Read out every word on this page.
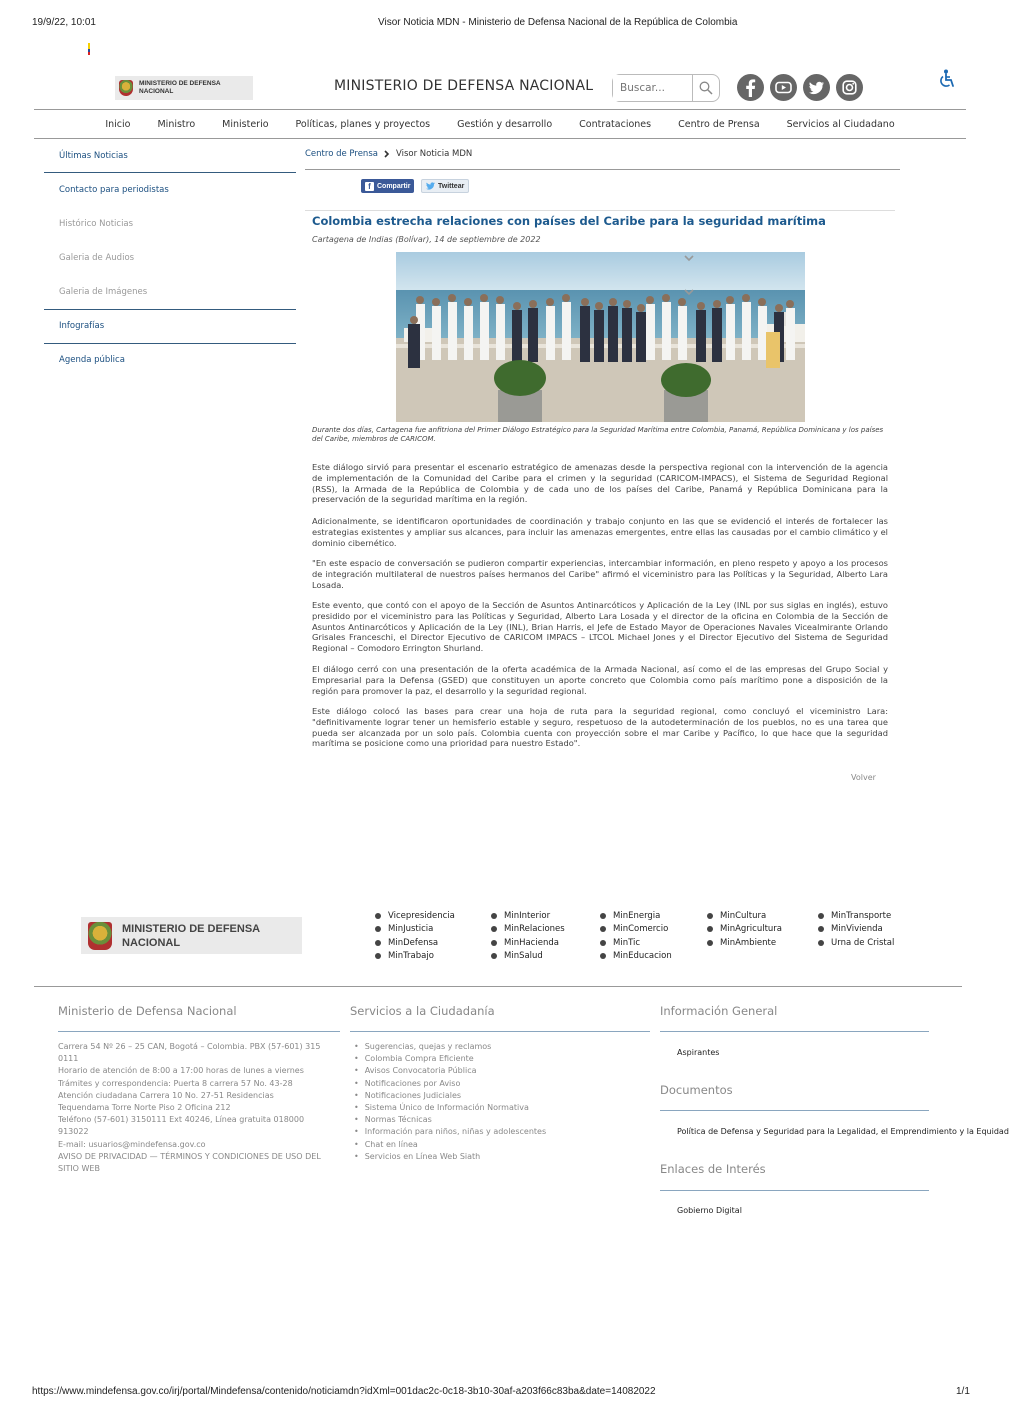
19/9/22, 10:01	Visor Noticia MDN - Ministerio de Defensa Nacional de la República de Colombia
MINISTERIO DE DEFENSA
NACIONAL	MINISTERIO DE DEFENSA NACIONAL
Buscar...
Inicio	Ministro	Ministerio	Políticas, planes y proyectos	Gestión y desarrollo	Contrataciones	Centro de Prensa	Servicios al Ciudadano
Últimas Noticias
Contacto para periodistas
Histórico Noticias
Galeria de Audios
Galeria de Imágenes
Infografías
Agenda pública
Centro de Prensa Visor Noticia MDN
f Compartir	Twittear
Colombia estrecha relaciones con países del Caribe para la seguridad marítima
Cartagena de Indias (Bolívar), 14 de septiembre de 2022
Durante dos días, Cartagena fue anfitriona del Primer Diálogo Estratégico para la Seguridad Marítima entre Colombia, Panamá, República Dominicana y los países del Caribe, miembros de CARICOM.
Este diálogo sirvió para presentar el escenario estratégico de amenazas desde la perspectiva regional con la intervención de la agencia de implementación de la Comunidad del Caribe para el crimen y la seguridad (CARICOM-IMPACS), el Sistema de Seguridad Regional (RSS), la Armada de la República de Colombia y de cada uno de los países del Caribe, Panamá y República Dominicana para la preservación de la seguridad marítima en la región.
Adicionalmente, se identificaron oportunidades de coordinación y trabajo conjunto en las que se evidenció el interés de fortalecer las estrategias existentes y ampliar sus alcances, para incluir las amenazas emergentes, entre ellas las causadas por el cambio climático y el dominio cibernético.
"En este espacio de conversación se pudieron compartir experiencias, intercambiar información, en pleno respeto y apoyo a los procesos de integración multilateral de nuestros países hermanos del Caribe" afirmó el viceministro para las Políticas y la Seguridad, Alberto Lara Losada.
Este evento, que contó con el apoyo de la Sección de Asuntos Antinarcóticos y Aplicación de la Ley (INL por sus siglas en inglés), estuvo presidido por el viceministro para las Políticas y Seguridad, Alberto Lara Losada y el director de la oficina en Colombia de la Sección de Asuntos Antinarcóticos y Aplicación de la Ley (INL), Brian Harris, el Jefe de Estado Mayor de Operaciones Navales Vicealmirante Orlando Grisales Franceschi, el Director Ejecutivo de CARICOM IMPACS – LTCOL Michael Jones y el Director Ejecutivo del Sistema de Seguridad Regional – Comodoro Errington Shurland.
El diálogo cerró con una presentación de la oferta académica de la Armada Nacional, así como el de las empresas del Grupo Social y Empresarial para la Defensa (GSED) que constituyen un aporte concreto que Colombia como país marítimo pone a disposición de la región para promover la paz, el desarrollo y la seguridad regional.
Este diálogo colocó las bases para crear una hoja de ruta para la seguridad regional, como concluyó el viceministro Lara: "definitivamente lograr tener un hemisferio estable y seguro, respetuoso de la autodeterminación de los pueblos, no es una tarea que pueda ser alcanzada por un solo país. Colombia cuenta con proyección sobre el mar Caribe y Pacífico, lo que hace que la seguridad marítima se posicione como una prioridad para nuestro Estado".
Volver
MINISTERIO DE DEFENSA
NACIONAL
Vicepresidencia
MinJusticia
MinDefensa
MinTrabajo
MinInterior
MinRelaciones
MinHacienda
MinSalud
MinEnergia
MinComercio
MinTic
MinEducacion
MinCultura
MinAgricultura
MinAmbiente
MinTransporte
MinVivienda
Urna de Cristal
Ministerio de Defensa Nacional
Carrera 54 Nº 26 – 25 CAN, Bogotá – Colombia. PBX (57-601) 315
0111
Horario de atención de 8:00 a 17:00 horas de lunes a viernes
Trámites y correspondencia: Puerta 8 carrera 57 No. 43-28
Atención ciudadana Carrera 10 No. 27-51 Residencias
Tequendama Torre Norte Piso 2 Oficina 212
Teléfono (57-601) 3150111 Ext 40246, Línea gratuita 018000
913022
E-mail: usuarios@mindefensa.gov.co
AVISO DE PRIVACIDAD — TÉRMINOS Y CONDICIONES DE USO DEL
SITIO WEB
Servicios a la Ciudadanía
• Sugerencias, quejas y reclamos
• Colombia Compra Eficiente
• Avisos Convocatoria Pública
• Notificaciones por Aviso
• Notificaciones Judiciales
• Sistema Único de Información Normativa
• Normas Técnicas
• Información para niños, niñas y adolescentes
• Chat en línea
• Servicios en Línea Web Siath
Información General
Aspirantes
Documentos
Política de Defensa y Seguridad para la Legalidad, el Emprendimiento y la Equidad
Enlaces de Interés
Gobierno Digital
https://www.mindefensa.gov.co/irj/portal/Mindefensa/contenido/noticiamdn?idXml=001dac2c-0c18-3b10-30af-a203f66c83ba&date=14082022	1/1
